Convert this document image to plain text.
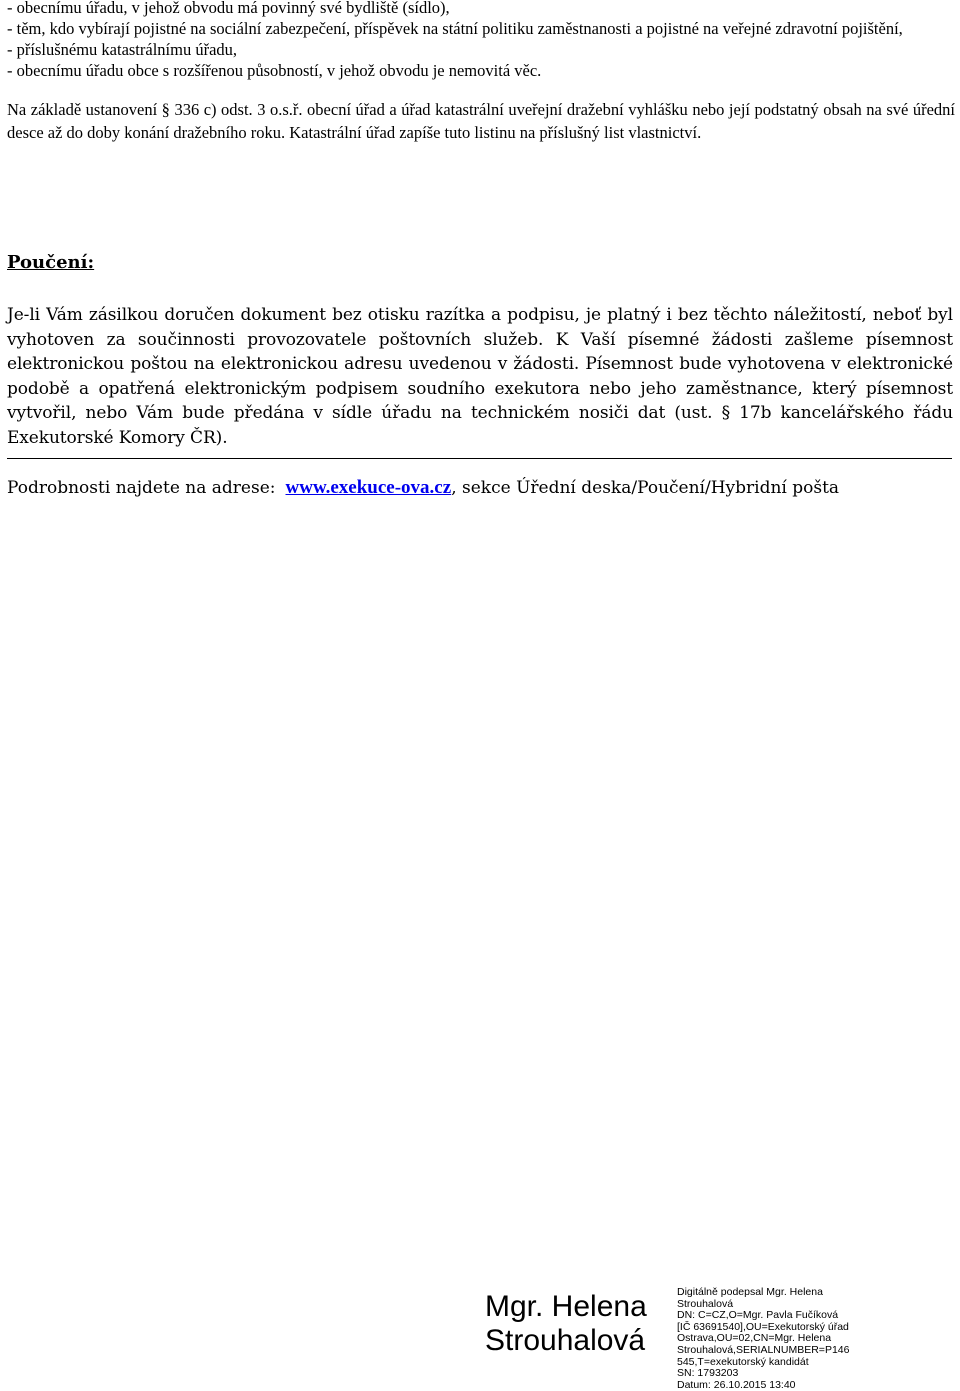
- obecnímu úřadu, v jehož obvodu má povinný své bydliště (sídlo),
- těm, kdo vybírají pojistné na sociální zabezpečení, příspěvek na státní politiku zaměstnanosti a pojistné na veřejné zdravotní pojištění,
- příslušnému katastrálnímu úřadu,
- obecnímu úřadu obce s rozšířenou působností, v jehož obvodu je nemovitá věc.
Na základě ustanovení § 336 c) odst. 3 o.s.ř. obecní úřad a úřad katastrální uveřejní dražební vyhlášku nebo její podstatný obsah na své úřední desce až do doby konání dražebního roku. Katastrální úřad zapíše tuto listinu na příslušný list vlastnictví.
Poučení:
Je-li Vám zásilkou doručen dokument bez otisku razítka a podpisu, je platný i bez těchto náležitostí, neboť byl vyhotoven za součinnosti provozovatele poštovních služeb. K Vaší písemné žádosti zašleme písemnost elektronickou poštou na elektronickou adresu uvedenou v žádosti. Písemnost bude vyhotovena v elektronické podobě a opatřená elektronickým podpisem soudního exekutora nebo jeho zaměstnance, který písemnost vytvořil, nebo Vám bude předána v sídle úřadu na technickém nosiči dat (ust. § 17b kancelářského řádu Exekutorské Komory ČR).
Podrobnosti najdete na adrese: www.exekuce-ova.cz, sekce Úřední deska/Poučení/Hybridní pošta
Mgr. Helena
Strouhalová
Digitálně podepsal Mgr. Helena
Strouhalová
DN: C=CZ,O=Mgr. Pavla Fučíková
[IČ 63691540],OU=Exekutorský úřad
Ostrava,OU=02,CN=Mgr. Helena
Strouhalová,SERIALNUMBER=P146
545,T=exekutorský kandidát
SN: 1793203
Datum: 26.10.2015 13:40
